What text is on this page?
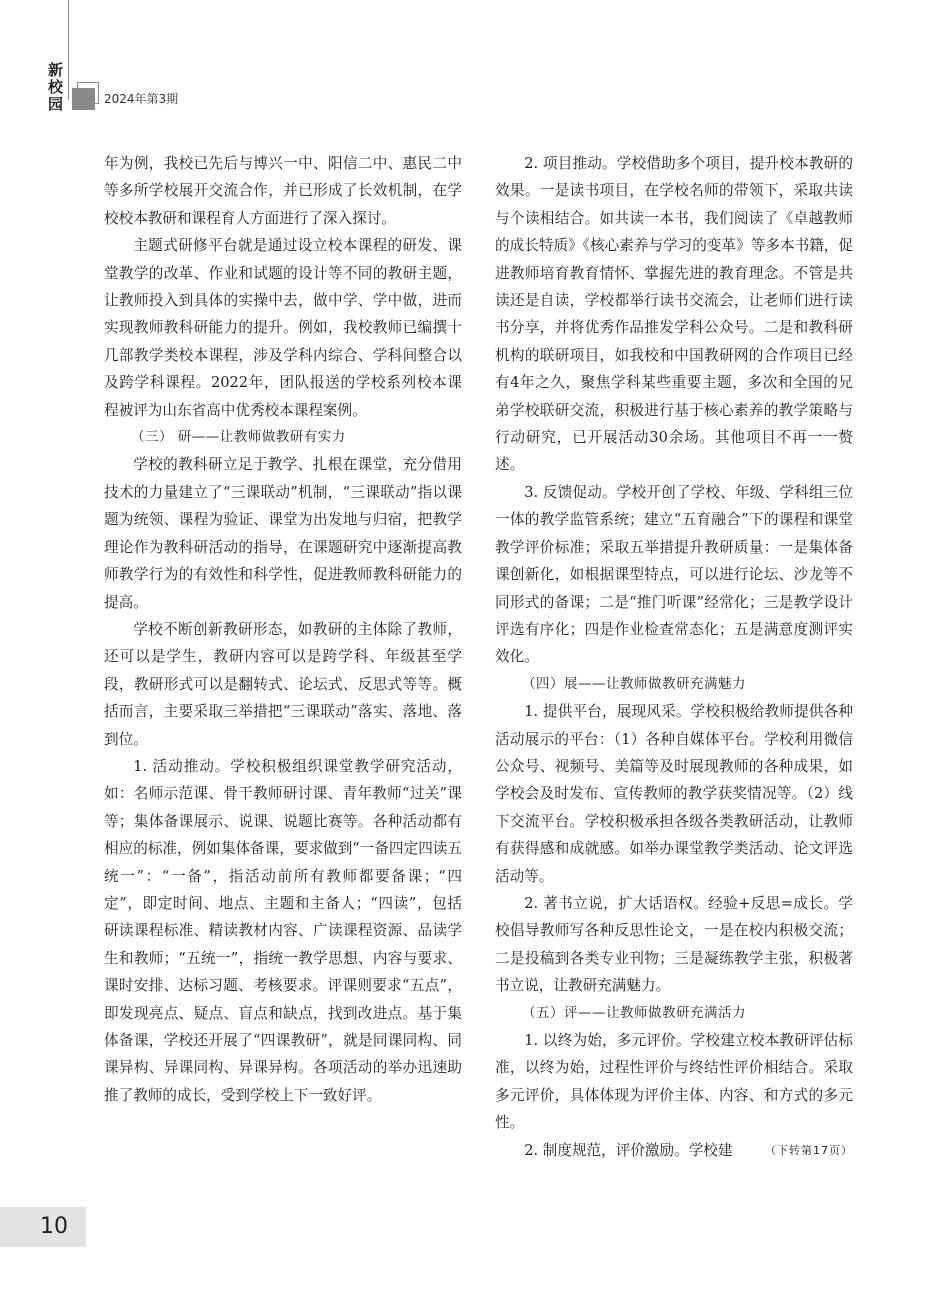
新
校
园	2024年第3期

年为例，我校已先后与博兴一中、阳信二中、惠民二中等多所学校展开交流合作，并已形成了长效机制，在学校校本教研和课程育人方面进行了深入探讨。

主题式研修平台就是通过设立校本课程的研发、课堂教学的改革、作业和试题的设计等不同的教研主题，让教师投入到具体的实操中去，做中学、学中做，进而实现教师教科研能力的提升。例如，我校教师已编撰十几部教学类校本课程，涉及学科内综合、学科间整合以及跨学科课程。2022年，团队报送的学校系列校本课程被评为山东省高中优秀校本课程案例。

（三） 研——让教师做教研有实力

学校的教科研立足于教学、扎根在课堂，充分借用技术的力量建立了“三课联动”机制，“三课联动”指以课题为统领、课程为验证、课堂为出发地与归宿，把教学理论作为教科研活动的指导，在课题研究中逐渐提高教师教学行为的有效性和科学性，促进教师教科研能力的提高。

学校不断创新教研形态，如教研的主体除了教师，还可以是学生，教研内容可以是跨学科、年级甚至学段，教研形式可以是翻转式、论坛式、反思式等等。概括而言，主要采取三举措把“三课联动”落实、落地、落到位。

1. 活动推动。学校积极组织课堂教学研究活动，如：名师示范课、骨干教师研讨课、青年教师“过关”课等；集体备课展示、说课、说题比赛等。各种活动都有相应的标准，例如集体备课，要求做到“一备四定四读五统一”：“一备”，指活动前所有教师都要备课；“四定”，即定时间、地点、主题和主备人；“四读”，包括研读课程标准、精读教材内容、广读课程资源、品读学生和教师；“五统一”，指统一教学思想、内容与要求、课时安排、达标习题、考核要求。评课则要求“五点”，即发现亮点、疑点、盲点和缺点，找到改进点。基于集体备课，学校还开展了“四课教研”，就是同课同构、同课异构、异课同构、异课异构。各项活动的举办迅速助推了教师的成长，受到学校上下一致好评。

2. 项目推动。学校借助多个项目，提升校本教研的效果。一是读书项目，在学校名师的带领下，采取共读与个读相结合。如共读一本书，我们阅读了《卓越教师的成长特质》《核心素养与学习的变革》等多本书籍，促进教师培育教育情怀、掌握先进的教育理念。不管是共读还是自读，学校都举行读书交流会，让老师们进行读书分享，并将优秀作品推发学科公众号。二是和教科研机构的联研项目，如我校和中国教研网的合作项目已经有4年之久，聚焦学科某些重要主题，多次和全国的兄弟学校联研交流，积极进行基于核心素养的教学策略与行动研究，已开展活动30余场。其他项目不再一一赘述。

3. 反馈促动。学校开创了学校、年级、学科组三位一体的教学监管系统；建立“五育融合”下的课程和课堂教学评价标准；采取五举措提升教研质量：一是集体备课创新化，如根据课型特点，可以进行论坛、沙龙等不同形式的备课；二是“推门听课”经常化；三是教学设计评选有序化；四是作业检查常态化；五是满意度测评实效化。

（四）展——让教师做教研充满魅力

1. 提供平台，展现风采。学校积极给教师提供各种活动展示的平台：（1）各种自媒体平台。学校利用微信公众号、视频号、美篇等及时展现教师的各种成果，如学校会及时发布、宣传教师的教学获奖情况等。（2）线下交流平台。学校积极承担各级各类教研活动，让教师有获得感和成就感。如举办课堂教学类活动、论文评选活动等。

2. 著书立说，扩大话语权。经验+反思=成长。学校倡导教师写各种反思性论文，一是在校内积极交流；二是投稿到各类专业刊物；三是凝练教学主张，积极著书立说，让教研充满魅力。

（五）评——让教师做教研充满活力

1. 以终为始，多元评价。学校建立校本教研评估标准，以终为始，过程性评价与终结性评价相结合。采取多元评价，具体体现为评价主体、内容、和方式的多元性。

2. 制度规范，评价激励。学校建	（下转第17页）

10
